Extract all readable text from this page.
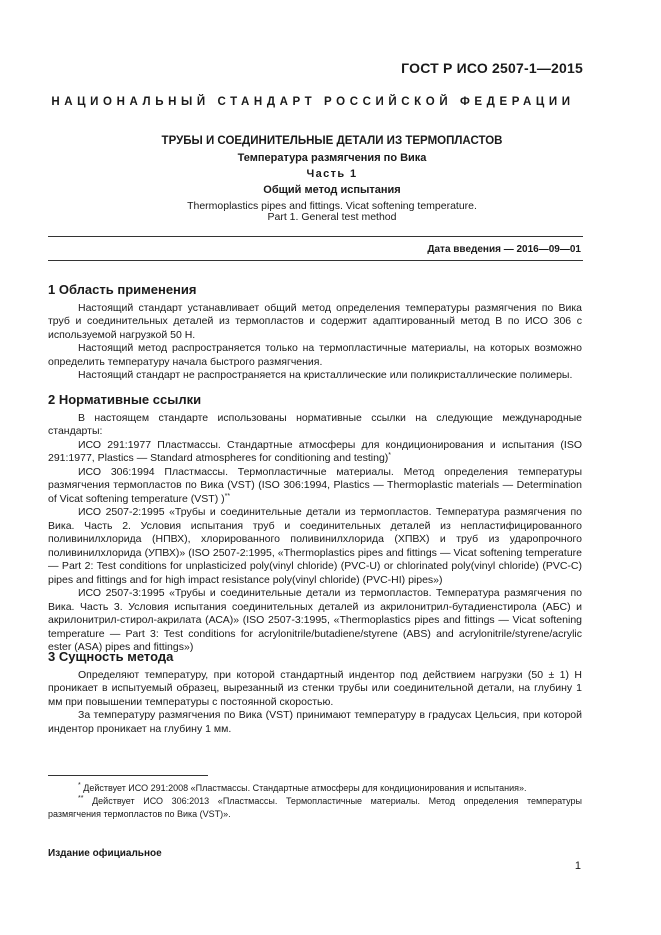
ГОСТ Р ИСО 2507-1—2015
НАЦИОНАЛЬНЫЙ СТАНДАРТ РОССИЙСКОЙ ФЕДЕРАЦИИ
ТРУБЫ И СОЕДИНИТЕЛЬНЫЕ ДЕТАЛИ ИЗ ТЕРМОПЛАСТОВ
Температура размягчения по Вика
Часть 1
Общий метод испытания
Thermoplastics pipes and fittings. Vicat softening temperature.
Part 1. General test method
Дата введения — 2016—09—01
1 Область применения

Настоящий стандарт устанавливает общий метод определения температуры размягчения по Вика труб и соединительных деталей из термопластов и содержит адаптированный метод В по ИСО 306 с используемой нагрузкой 50 Н.

Настоящий метод распространяется только на термопластичные материалы, на которых возможно определить температуру начала быстрого размягчения.

Настоящий стандарт не распространяется на кристаллические или поликристаллические полимеры.

2 Нормативные ссылки

В настоящем стандарте использованы нормативные ссылки на следующие международные стандарты:

ИСО 291:1977 Пластмассы. Стандартные атмосферы для кондиционирования и испытания (ISO 291:1977, Plastics — Standard atmospheres for conditioning and testing)*

ИСО 306:1994 Пластмассы. Термопластичные материалы. Метод определения температуры размягчения термопластов по Вика (VST) (ISO 306:1994, Plastics — Thermoplastic materials — Determination of Vicat softening temperature (VST) )**

ИСО 2507-2:1995 «Трубы и соединительные детали из термопластов. Температура размягчения по Вика. Часть 2. Условия испытания труб и соединительных деталей из непластифицированного поливинилхлорида (НПВХ), хлорированного поливинилхлорида (ХПВХ) и труб из ударопрочного поливинилхлорида (УПВХ)» (ISO 2507-2:1995, «Thermoplastics pipes and fittings — Vicat softening temperature — Part 2: Test conditions for unplasticized poly(vinyl chloride) (PVC-U) or chlorinated poly(vinyl chloride) (PVC-C) pipes and fittings and for high impact resistance poly(vinyl chloride) (PVC-HI) pipes»)

ИСО 2507-3:1995 «Трубы и соединительные детали из термопластов. Температура размягчения по Вика. Часть 3. Условия испытания соединительных деталей из акрилонитрил-бутадиенстирола (АБС) и акрилонитрил-стирол-акрилата (АСА)» (ISO 2507-3:1995, «Thermoplastics pipes and fittings — Vicat softening temperature — Part 3: Test conditions for acrylonitrile/butadiene/styrene (ABS) and acrylonitrile/styrene/acrylic ester (ASA) pipes and fittings»)

3 Сущность метода

Определяют температуру, при которой стандартный индентор под действием нагрузки (50 ± 1) Н проникает в испытуемый образец, вырезанный из стенки трубы или соединительной детали, на глубину 1 мм при повышении температуры с постоянной скоростью.

За температуру размягчения по Вика (VST) принимают температуру в градусах Цельсия, при которой индентор проникает на глубину 1 мм.

* Действует ИСО 291:2008 «Пластмассы. Стандартные атмосферы для кондиционирования и испытания».

** Действует ИСО 306:2013 «Пластмассы. Термопластичные материалы. Метод определения температуры размягчения термопластов по Вика (VST)».

Издание официальное
1
